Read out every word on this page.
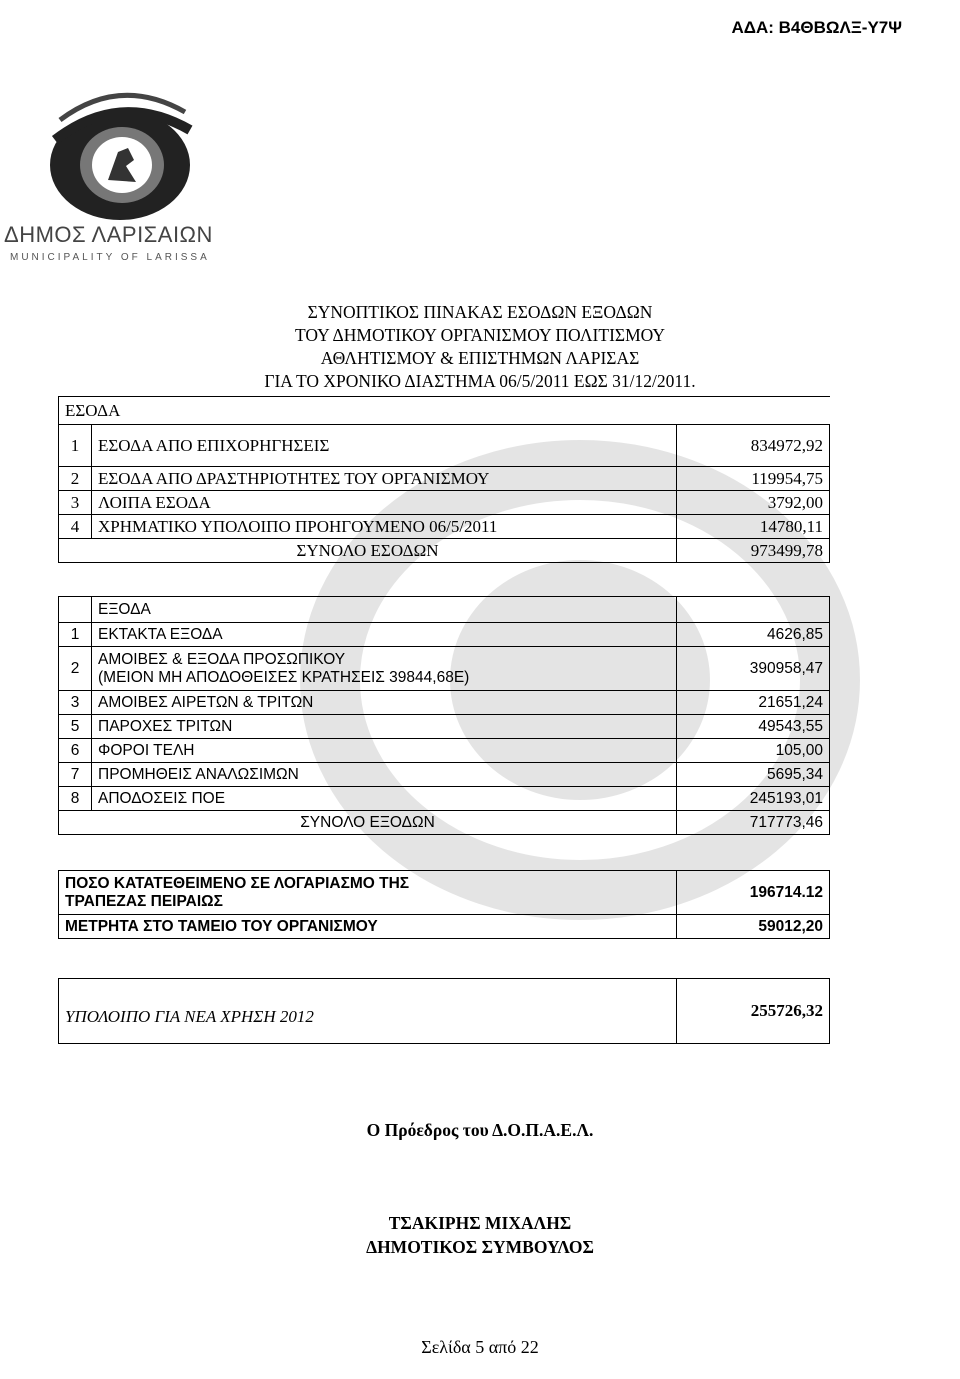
ΑΔΑ: Β4ΘΒΩΛΞ-Υ7Ψ
ΔΗΜΟΣ ΛΑΡΙΣΑΙΩΝ
MUNICIPALITY OF LARISSA
ΣΥΝΟΠΤΙΚΟΣ ΠΙΝΑΚΑΣ ΕΣΟΔΩΝ ΕΞΟΔΩΝ
ΤΟΥ ΔΗΜΟΤΙΚΟΥ ΟΡΓΑΝΙΣΜΟΥ ΠΟΛΙΤΙΣΜΟΥ
ΑΘΛΗΤΙΣΜΟΥ & ΕΠΙΣΤΗΜΩΝ ΛΑΡΙΣΑΣ
ΓΙΑ ΤΟ ΧΡΟΝΙΚΟ ΔΙΑΣΤΗΜΑ 06/5/2011 ΕΩΣ 31/12/2011.
ΕΣΟΔΑ		
1	ΕΣΟΔΑ ΑΠΟ ΕΠΙΧΟΡΗΓΗΣΕΙΣ	834972,92
2	ΕΣΟΔΑ ΑΠΟ ΔΡΑΣΤΗΡΙΟΤΗΤΕΣ ΤΟΥ ΟΡΓΑΝΙΣΜΟΥ	119954,75
3	ΛΟΙΠΑ ΕΣΟΔΑ	3792,00
4	ΧΡΗΜΑΤΙΚΟ ΥΠΟΛΟΙΠΟ ΠΡΟΗΓΟΥΜΕΝΟ 06/5/2011	14780,11
ΣΥΝΟΛΟ ΕΣΟΔΩΝ		973499,78
	ΕΞΟΔΑ	
1	ΕΚΤΑΚΤΑ ΕΞΟΔΑ	4626,85
2	ΑΜΟΙΒΕΣ & ΕΞΟΔΑ ΠΡΟΣΩΠΙΚΟΥ
(ΜΕΙΟΝ ΜΗ ΑΠΟΔΟΘΕΙΣΕΣ ΚΡΑΤΗΣΕΙΣ 39844,68Ε)	390958,47
3	ΑΜΟΙΒΕΣ ΑΙΡΕΤΩΝ & ΤΡΙΤΩΝ	21651,24
5	ΠΑΡΟΧΕΣ ΤΡΙΤΩΝ	49543,55
6	ΦΟΡΟΙ ΤΕΛΗ	105,00
7	ΠΡΟΜΗΘΕΙΣ ΑΝΑΛΩΣΙΜΩΝ	5695,34
8	ΑΠΟΔΟΣΕΙΣ ΠΟΕ	245193,01
ΣΥΝΟΛΟ ΕΞΟΔΩΝ		717773,46
ΠΟΣΟ ΚΑΤΑΤΕΘΕΙΜΕΝΟ ΣΕ ΛΟΓΑΡΙΑΣΜΟ ΤΗΣ
ΤΡΑΠΕΖΑΣ ΠΕΙΡΑΙΩΣ	196714.12
ΜΕΤΡΗΤΑ ΣΤΟ ΤΑΜΕΙΟ ΤΟΥ ΟΡΓΑΝΙΣΜΟΥ	59012,20
ΥΠΟΛΟΙΠΟ ΓΙΑ ΝΕΑ ΧΡΗΣΗ 2012	255726,32
Ο Πρόεδρος του Δ.Ο.Π.Α.Ε.Λ.
ΤΣΑΚΙΡΗΣ ΜΙΧΑΛΗΣ
ΔΗΜΟΤΙΚΟΣ ΣΥΜΒΟΥΛΟΣ
Σελίδα 5 από 22
